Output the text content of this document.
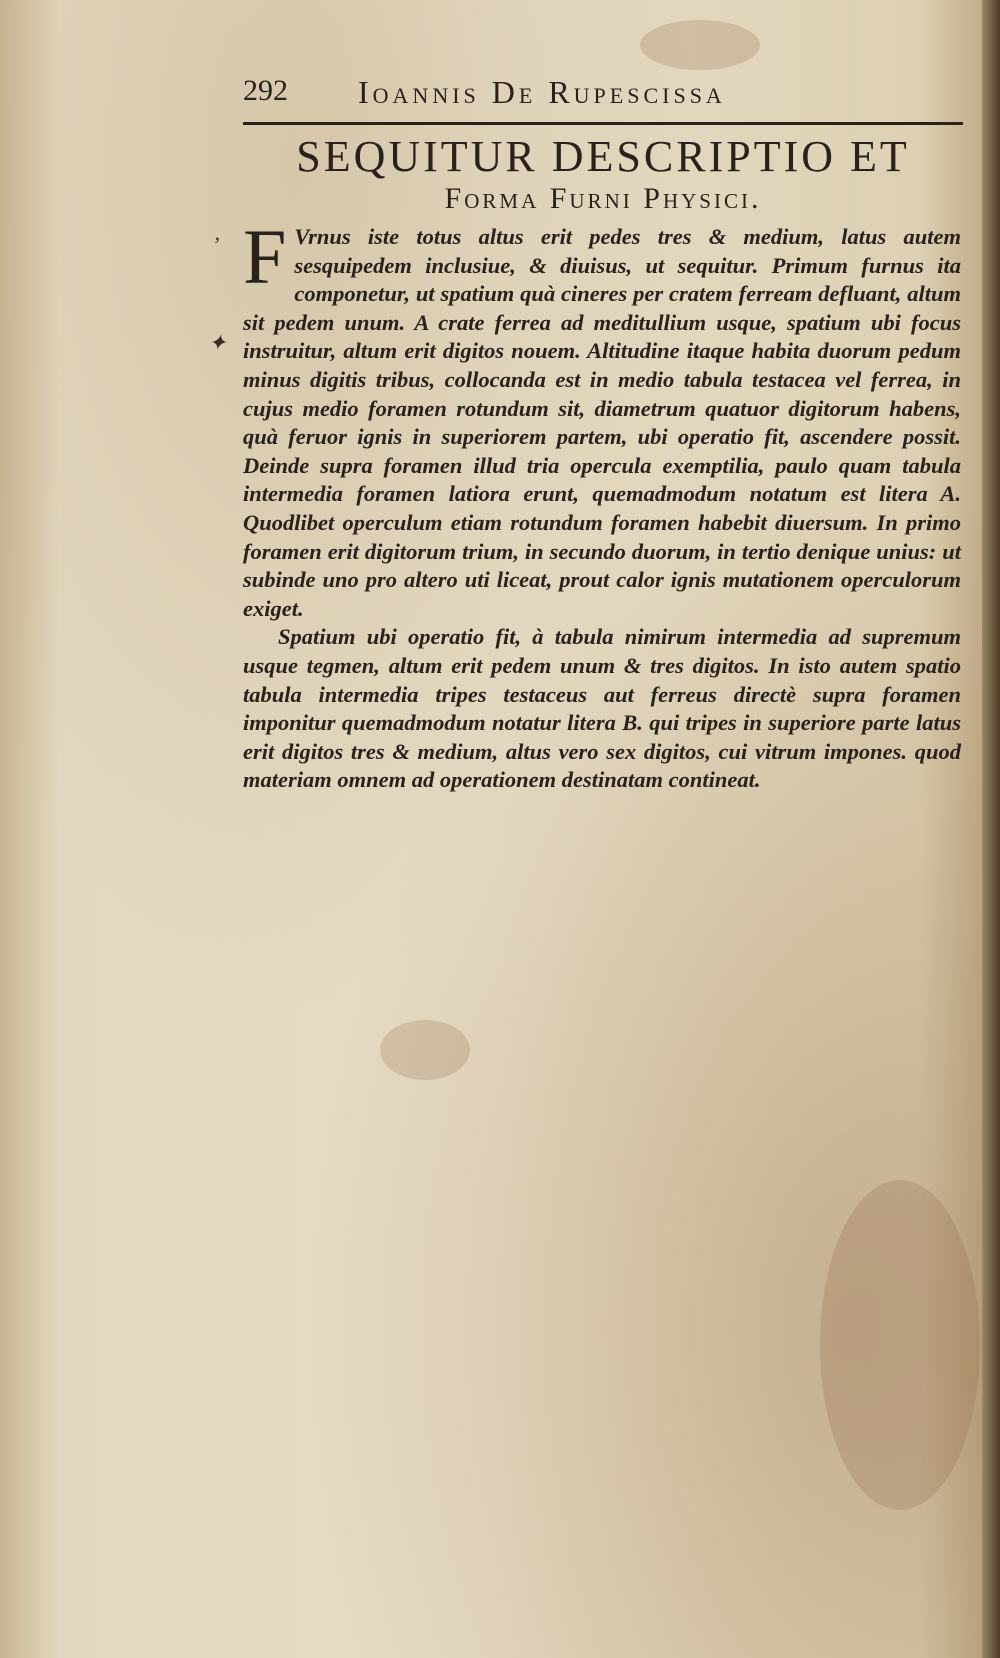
292 Ioannis De Rupescissa
SEQUITUR DESCRIPTIO ET
Forma Furni Physici.
’
✦

F Vrnus iste totus altus erit pedes tres & medium, latus autem sesquipedem inclusiue, & diuisus, ut sequitur. Primum furnus ita componetur, ut spatium quà cineres per cratem ferream defluant, altum sit pedem unum. A crate ferrea ad meditullium usque, spatium ubi focus instruitur, altum erit digitos nouem. Altitudine itaque habita duorum pedum minus digitis tribus, collocanda est in medio tabula testacea vel ferrea, in cujus medio foramen rotundum sit, diametrum quatuor digitorum habens, quà feruor ignis in superiorem partem, ubi operatio fit, ascendere possit. Deinde supra foramen illud tria opercula exemptilia, paulo quam tabula intermedia foramen latiora erunt, quemadmodum notatum est litera A. Quodlibet operculum etiam rotundum foramen habebit diuersum. In primo foramen erit digitorum trium, in secundo duorum, in tertio denique unius: ut subinde uno pro altero uti liceat, prout calor ignis mutationem operculorum exiget.

Spatium ubi operatio fit, à tabula nimirum intermedia ad supremum usque tegmen, altum erit pedem unum & tres digitos. In isto autem spatio tabula intermedia tripes testaceus aut ferreus directè supra foramen imponitur quemadmodum notatur litera B. qui tripes in superiore parte latus erit digitos tres & medium, altus vero sex digitos, cui vitrum impones. quod materiam omnem ad operationem destinatam contineat.
